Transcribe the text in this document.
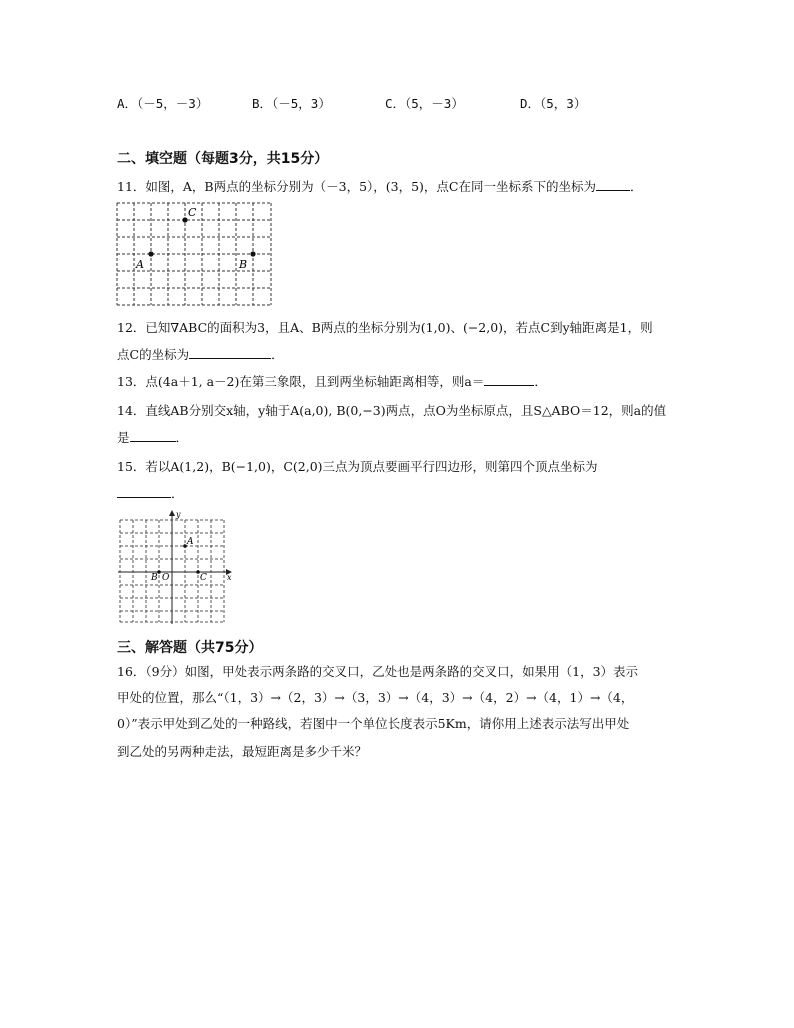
A．（－5，－3）	B．（－5，3）	C．（5，－3）	D．（5，3）
二、填空题（每题3分，共15分）
11．如图，A，B两点的坐标分别为（－3，5），(3，5)，点C在同一坐标系下的坐标为	．
C
A	B
12．已知∇ABC的面积为3，且A、B两点的坐标分别为(1,0)、(−2,0)，若点C到y轴距离是1，则
点C的坐标为	．
13．点(4a＋1, a－2)在第三象限，且到两坐标轴距离相等，则a＝	．
14．直线AB分别交x轴，y轴于A(a,0), B(0,−3)两点，点O为坐标原点，且S△ABO＝12，则a的值
是	．
15．若以A(1,2)，B(−1,0)，C(2,0)三点为顶点要画平行四边形，则第四个顶点坐标为
．
y
x
A
B O	C
三、解答题（共75分）
16．（9分）如图，甲处表示两条路的交叉口，乙处也是两条路的交叉口，如果用（1，3）表示
甲处的位置，那么“（1，3）→（2，3）→（3，3）→（4，3）→（4，2）→（4，1）→（4，
0）”表示甲处到乙处的一种路线，若图中一个单位长度表示5Km，请你用上述表示法写出甲处
到乙处的另两种走法，最短距离是多少千米？
